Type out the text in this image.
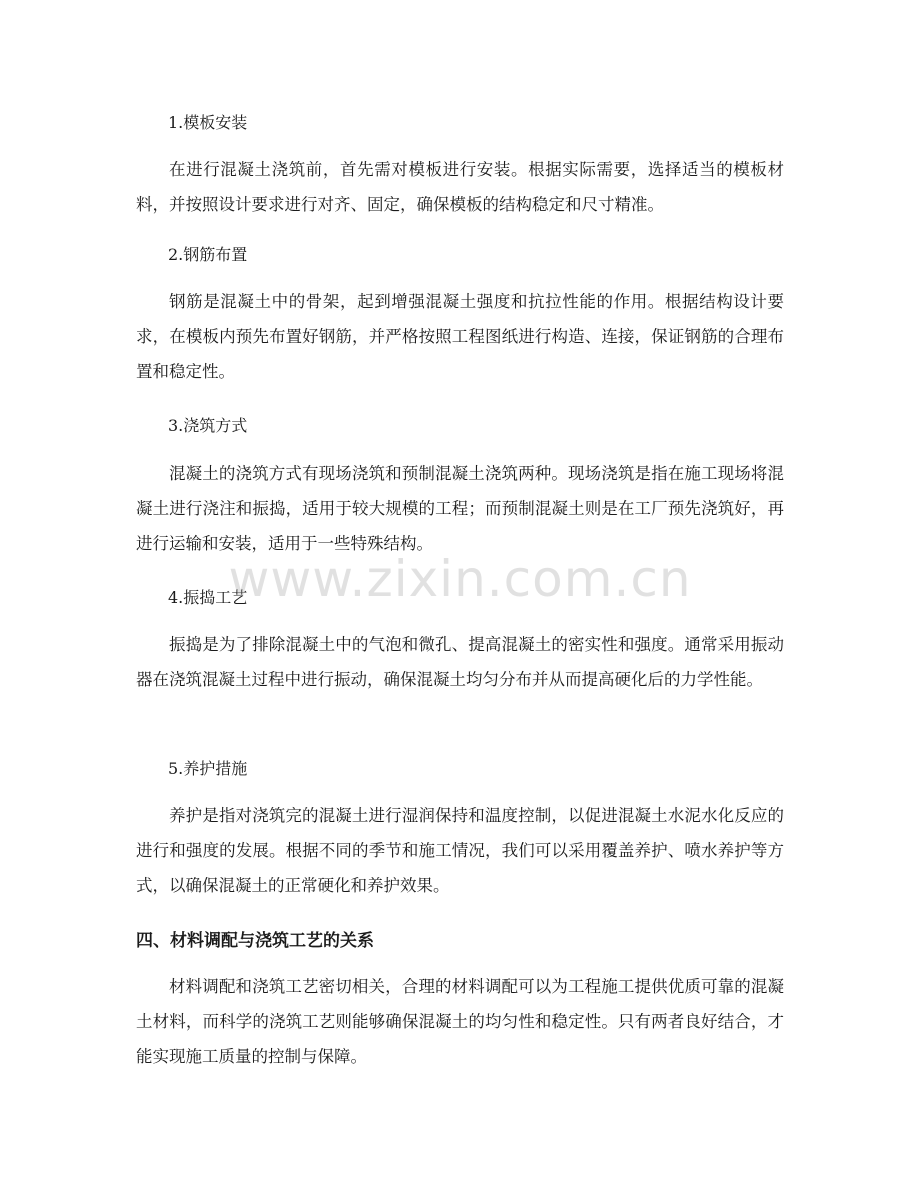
1.模板安装
在进行混凝土浇筑前，首先需对模板进行安装。根据实际需要，选择适当的模板材料，并按照设计要求进行对齐、固定，确保模板的结构稳定和尺寸精准。
2.钢筋布置
钢筋是混凝土中的骨架，起到增强混凝土强度和抗拉性能的作用。根据结构设计要求，在模板内预先布置好钢筋，并严格按照工程图纸进行构造、连接，保证钢筋的合理布置和稳定性。
3.浇筑方式
混凝土的浇筑方式有现场浇筑和预制混凝土浇筑两种。现场浇筑是指在施工现场将混凝土进行浇注和振捣，适用于较大规模的工程；而预制混凝土则是在工厂预先浇筑好，再进行运输和安装，适用于一些特殊结构。
4.振捣工艺
振捣是为了排除混凝土中的气泡和微孔、提高混凝土的密实性和强度。通常采用振动器在浇筑混凝土过程中进行振动，确保混凝土均匀分布并从而提高硬化后的力学性能。
5.养护措施
养护是指对浇筑完的混凝土进行湿润保持和温度控制，以促进混凝土水泥水化反应的进行和强度的发展。根据不同的季节和施工情况，我们可以采用覆盖养护、喷水养护等方式，以确保混凝土的正常硬化和养护效果。
四、材料调配与浇筑工艺的关系
材料调配和浇筑工艺密切相关，合理的材料调配可以为工程施工提供优质可靠的混凝土材料，而科学的浇筑工艺则能够确保混凝土的均匀性和稳定性。只有两者良好结合，才能实现施工质量的控制与保障。
www.zixin.com.cn
